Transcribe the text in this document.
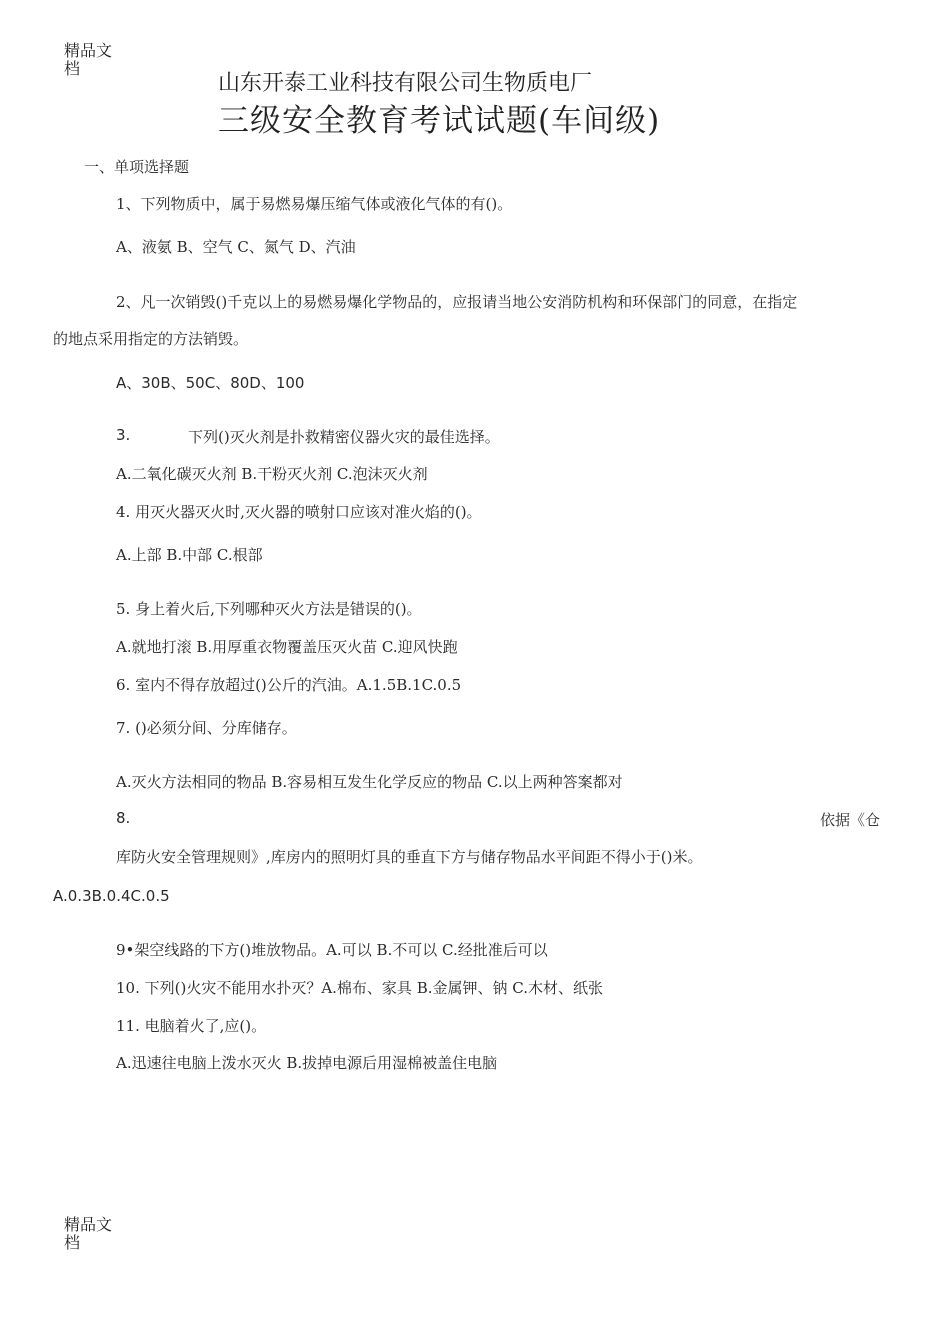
精品文档
山东开泰工业科技有限公司生物质电厂
三级安全教育考试试题(车间级)
一、单项选择题
1、下列物质中，属于易燃易爆压缩气体或液化气体的有()。
A、液氨 B、空气 C、氮气 D、汽油
2、凡一次销毁()千克以上的易燃易爆化学物品的，应报请当地公安消防机构和环保部门的同意，在指定
的地点采用指定的方法销毁。
A、30B、50C、80D、100
3.	下列()灭火剂是扑救精密仪器火灾的最佳选择。
A.二氧化碳灭火剂 B.干粉灭火剂 C.泡沫灭火剂
4. 用灭火器灭火时,灭火器的喷射口应该对准火焰的()。
A.上部 B.中部 C.根部
5. 身上着火后,下列哪种灭火方法是错误的()。
A.就地打滚 B.用厚重衣物覆盖压灭火苗 C.迎风快跑
6. 室内不得存放超过()公斤的汽油。A.1.5B.1C.0.5
7. ()必须分间、分库储存。
A.灭火方法相同的物品 B.容易相互发生化学反应的物品 C.以上两种答案都对
8.	依据《仓
库防火安全管理规则》,库房内的照明灯具的垂直下方与储存物品水平间距不得小于()米。
A.0.3B.0.4C.0.5
9•架空线路的下方()堆放物品。A.可以 B.不可以 C.经批准后可以
10. 下列()火灾不能用水扑灭？A.棉布、家具 B.金属钾、钠 C.木材、纸张
11. 电脑着火了,应()。
A.迅速往电脑上泼水灭火 B.拔掉电源后用湿棉被盖住电脑
精品文档
